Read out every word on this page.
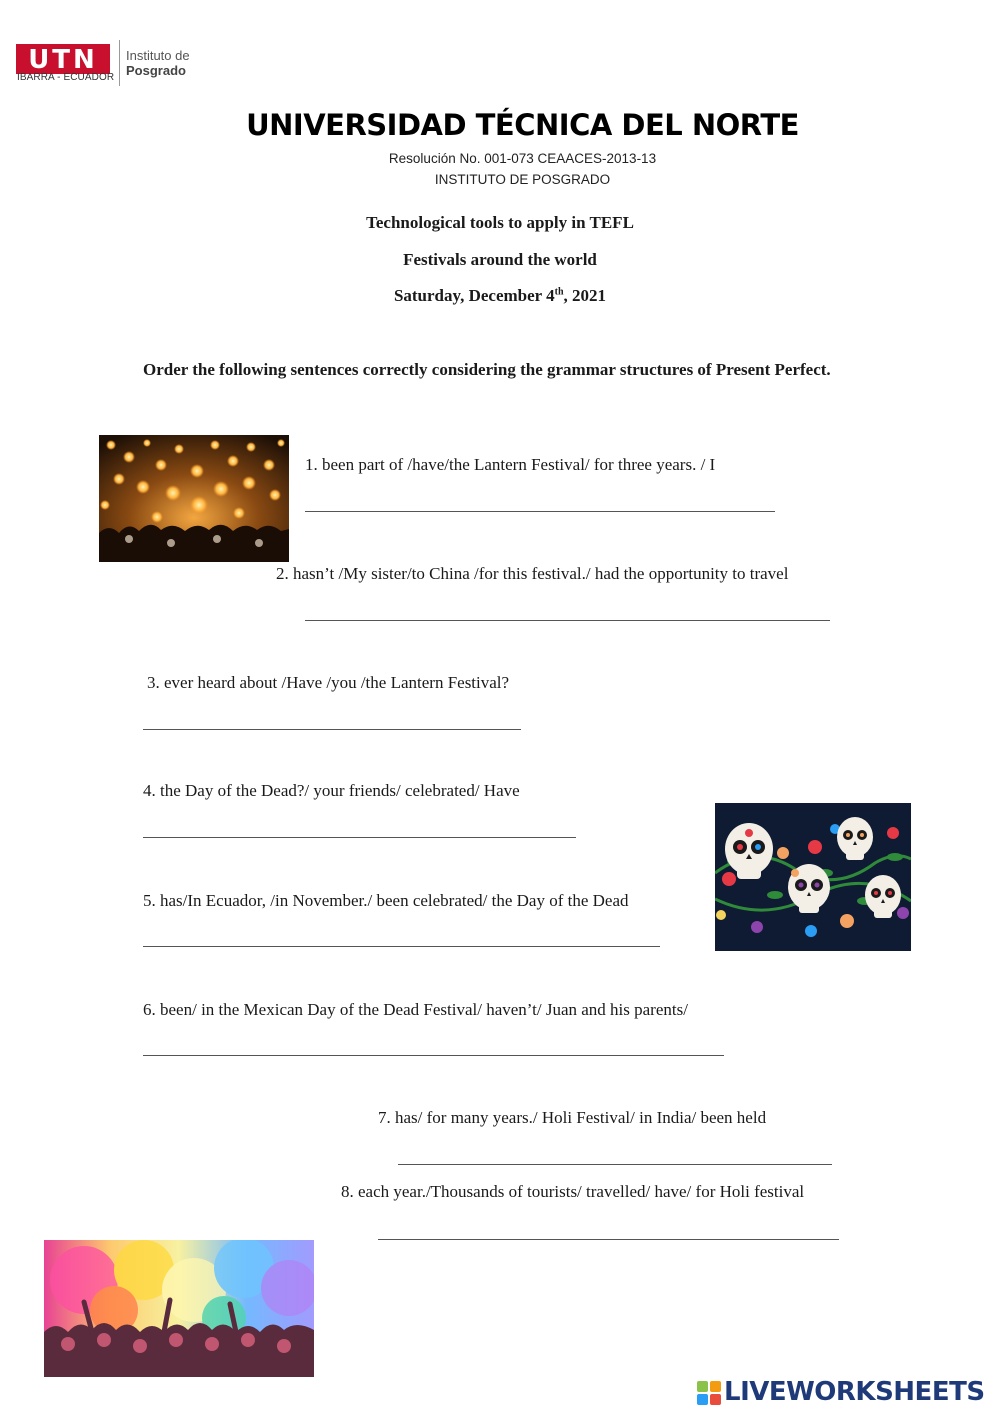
UTN
IBARRA - ECUADOR
Instituto de
Posgrado
UNIVERSIDAD TÉCNICA DEL NORTE
Resolución No. 001-073 CEAACES-2013-13
INSTITUTO DE POSGRADO
Technological tools to apply in TEFL
Festivals around the world
Saturday, December 4th, 2021
Order the following sentences correctly considering the grammar structures of Present Perfect.
1. been part of /have/the Lantern Festival/ for three years. / I
2. hasn’t /My sister/to China /for this festival./ had the opportunity to travel
3. ever heard about /Have /you /the Lantern Festival?
4. the Day of the Dead?/ your friends/ celebrated/ Have
5. has/In Ecuador, /in November./ been celebrated/ the Day of the Dead
6. been/ in the Mexican Day of the Dead Festival/ haven’t/ Juan and his parents/
7. has/ for many years./ Holi Festival/ in India/ been held
8. each year./Thousands of tourists/ travelled/ have/ for Holi festival
LIVEWORKSHEETS
